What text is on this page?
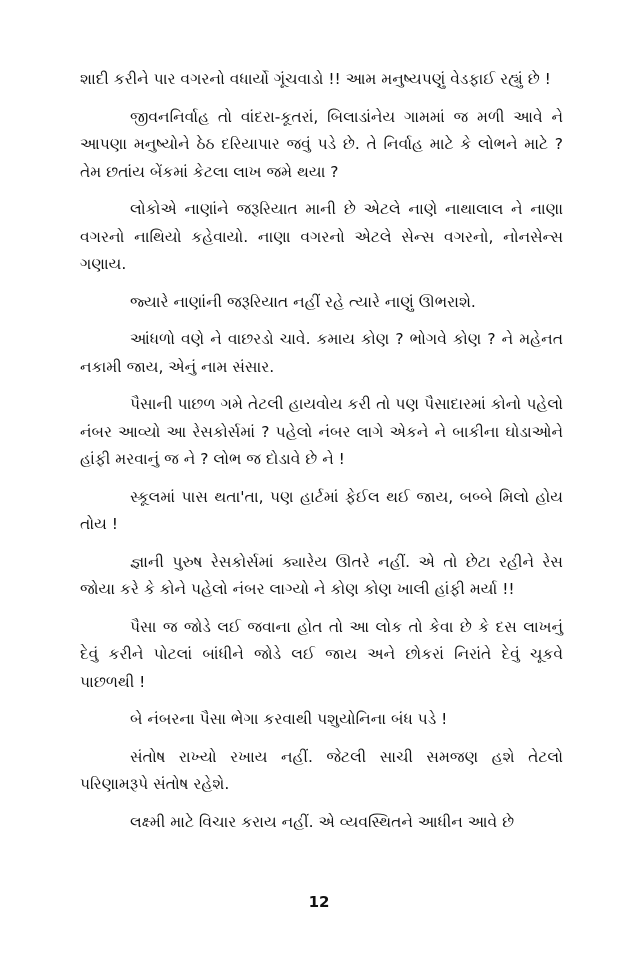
શાદી કરીને પાર વગરનો વધાર્યો ગૂંચવાડો !! આમ મનુષ્યપણું વેડફાઈ રહ્યું છે !

જીવનનિર્વાહ તો વાંદરા-કૂતરાં, બિલાડાંનેય ગામમાં જ મળી આવે ને આપણા મનુષ્યોને ઠેઠ દરિયાપાર જવું પડે છે. તે નિર્વાહ માટે કે લોભને માટે ? તેમ છતાંય બેંકમાં કેટલા લાખ જમે થયા ?

લોકોએ નાણાંને જરૂરિયાત માની છે એટલે નાણે નાથાલાલ ને નાણા વગરનો નાથિયો કહેવાયો. નાણા વગરનો એટલે સેન્સ વગરનો, નોનસેન્સ ગણાય.

જ્યારે નાણાંની જરૂરિયાત નહીં રહે ત્યારે નાણું ઊભરાશે.

આંધળો વણે ને વાછરડો ચાવે. કમાય કોણ ? ભોગવે કોણ ? ને મહેનત નકામી જાય, એનું નામ સંસાર.

પૈસાની પાછળ ગમે તેટલી હાયવોય કરી તો પણ પૈસાદારમાં કોનો પહેલો નંબર આવ્યો આ રેસકોર્સમાં ? પહેલો નંબર લાગે એકને ને બાકીના ઘોડાઓને હાંફી મરવાનું જ ને ? લોભ જ દોડાવે છે ને !

સ્કૂલમાં પાસ થતા'તા, પણ હાર્ટમાં ફેઈલ થઈ જાય, બબ્બે મિલો હોય તોય !

જ્ઞાની પુરુષ રેસકોર્સમાં ક્યારેય ઊતરે નહીં. એ તો છેટા રહીને રેસ જોયા કરે કે કોને પહેલો નંબર લાગ્યો ને કોણ કોણ ખાલી હાંફી મર્યા !!

પૈસા જ જોડે લઈ જવાના હોત તો આ લોક તો કેવા છે કે દસ લાખનું દેવું કરીને પોટલાં બાંધીને જોડે લઈ જાય અને છોકરાં નિરાંતે દેવું ચૂકવે પાછળથી !

બે નંબરના પૈસા ભેગા કરવાથી પશુયોનિના બંધ પડે !

સંતોષ રાખ્યો રખાય નહીં. જેટલી સાચી સમજણ હશે તેટલો પરિણામરૂપે સંતોષ રહેશે.

લક્ષ્મી માટે વિચાર કરાય નહીં. એ વ્યવસ્થિતને આધીન આવે છે

12
